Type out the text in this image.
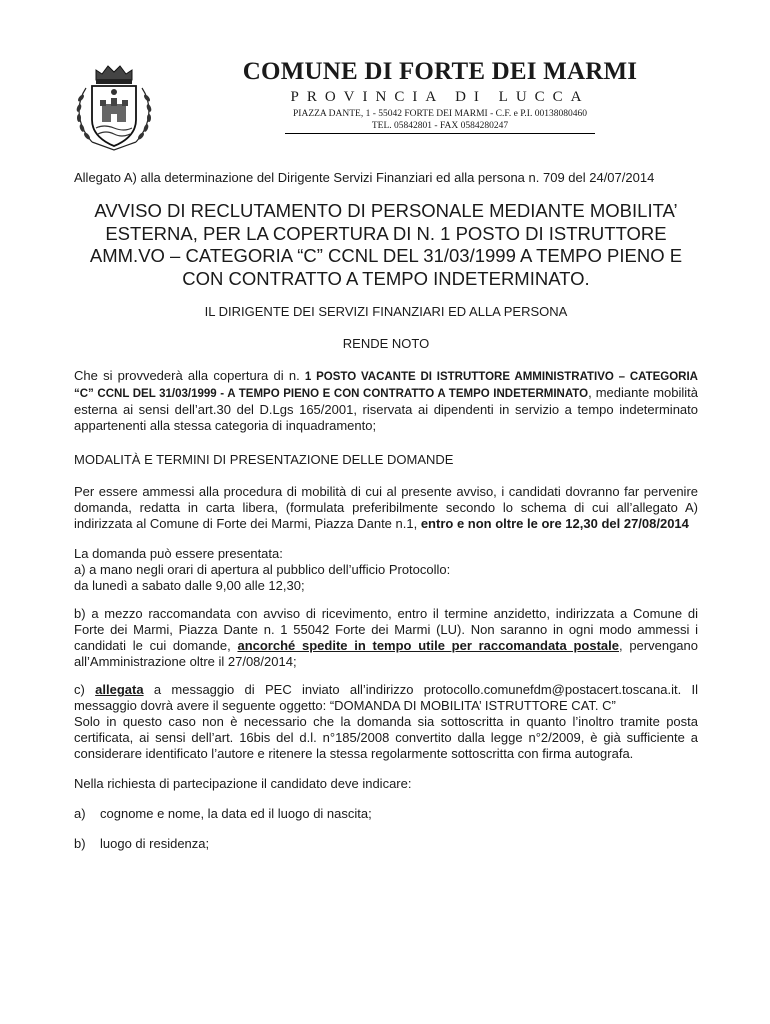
COMUNE DI FORTE DEI MARMI
PROVINCIA DI LUCCA
PIAZZA DANTE, 1 - 55042 FORTE DEI MARMI - C.F. e P.I. 00138080460
TEL. 05842801 - FAX 0584280247

Allegato A) alla determinazione del Dirigente Servizi Finanziari ed alla persona n. 709 del 24/07/2014

AVVISO DI RECLUTAMENTO DI PERSONALE MEDIANTE MOBILITA’ ESTERNA, PER LA COPERTURA DI N. 1 POSTO DI ISTRUTTORE AMM.VO – CATEGORIA “C” CCNL DEL 31/03/1999 A TEMPO PIENO E CON CONTRATTO A TEMPO INDETERMINATO.

IL DIRIGENTE DEI SERVIZI FINANZIARI ED ALLA PERSONA

RENDE NOTO

Che si provvederà alla copertura di n. 1 POSTO VACANTE DI ISTRUTTORE AMMINISTRATIVO – CATEGORIA “C” CCNL DEL 31/03/1999 - A TEMPO PIENO E CON CONTRATTO A TEMPO INDETERMINATO, mediante mobilità esterna ai sensi dell’art.30 del D.Lgs 165/2001, riservata ai dipendenti in servizio a tempo indeterminato appartenenti alla stessa categoria di inquadramento;

MODALITÀ E TERMINI DI PRESENTAZIONE DELLE DOMANDE

Per essere ammessi alla procedura di mobilità di cui al presente avviso, i candidati dovranno far pervenire domanda, redatta in carta libera, (formulata preferibilmente secondo lo schema di cui all’allegato A) indirizzata al Comune di Forte dei Marmi, Piazza Dante n.1, entro e non oltre le ore 12,30 del 27/08/2014

La domanda può essere presentata:

a) a mano negli orari di apertura al pubblico dell’ufficio Protocollo:

da lunedì a sabato dalle 9,00 alle 12,30;

b) a mezzo raccomandata con avviso di ricevimento, entro il termine anzidetto, indirizzata a Comune di Forte dei Marmi, Piazza Dante n. 1 55042 Forte dei Marmi (LU). Non saranno in ogni modo ammessi i candidati le cui domande, ancorché spedite in tempo utile per raccomandata postale, pervengano all’Amministrazione oltre il 27/08/2014;

c) allegata a messaggio di PEC inviato all’indirizzo protocollo.comunefdm@postacert.toscana.it. Il messaggio dovrà avere il seguente oggetto: “DOMANDA DI MOBILITA’ ISTRUTTORE CAT. C”

Solo in questo caso non è necessario che la domanda sia sottoscritta in quanto l’inoltro tramite posta certificata, ai sensi dell’art. 16bis del d.l. n°185/2008 convertito dalla legge n°2/2009, è già sufficiente a considerare identificato l’autore e ritenere la stessa regolarmente sottoscritta con firma autografa.

Nella richiesta di partecipazione il candidato deve indicare:

a)	cognome e nome, la data ed il luogo di nascita;
b)	luogo di residenza;
